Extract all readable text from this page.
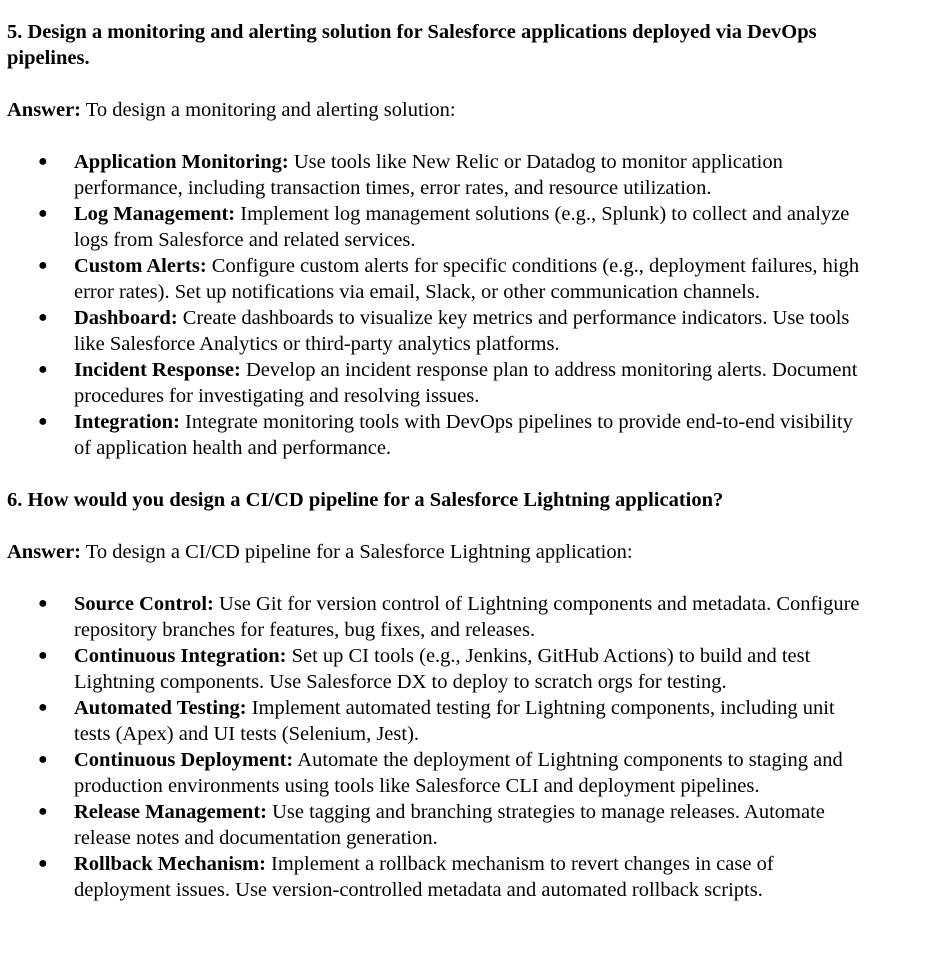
5. Design a monitoring and alerting solution for Salesforce applications deployed via DevOps pipelines.

Answer: To design a monitoring and alerting solution:

● Application Monitoring: Use tools like New Relic or Datadog to monitor application performance, including transaction times, error rates, and resource utilization.
● Log Management: Implement log management solutions (e.g., Splunk) to collect and analyze logs from Salesforce and related services.
● Custom Alerts: Configure custom alerts for specific conditions (e.g., deployment failures, high error rates). Set up notifications via email, Slack, or other communication channels.
● Dashboard: Create dashboards to visualize key metrics and performance indicators. Use tools like Salesforce Analytics or third-party analytics platforms.
● Incident Response: Develop an incident response plan to address monitoring alerts. Document procedures for investigating and resolving issues.
● Integration: Integrate monitoring tools with DevOps pipelines to provide end-to-end visibility of application health and performance.

6. How would you design a CI/CD pipeline for a Salesforce Lightning application?

Answer: To design a CI/CD pipeline for a Salesforce Lightning application:

● Source Control: Use Git for version control of Lightning components and metadata. Configure repository branches for features, bug fixes, and releases.
● Continuous Integration: Set up CI tools (e.g., Jenkins, GitHub Actions) to build and test Lightning components. Use Salesforce DX to deploy to scratch orgs for testing.
● Automated Testing: Implement automated testing for Lightning components, including unit tests (Apex) and UI tests (Selenium, Jest).
● Continuous Deployment: Automate the deployment of Lightning components to staging and production environments using tools like Salesforce CLI and deployment pipelines.
● Release Management: Use tagging and branching strategies to manage releases. Automate release notes and documentation generation.
● Rollback Mechanism: Implement a rollback mechanism to revert changes in case of deployment issues. Use version-controlled metadata and automated rollback scripts.
